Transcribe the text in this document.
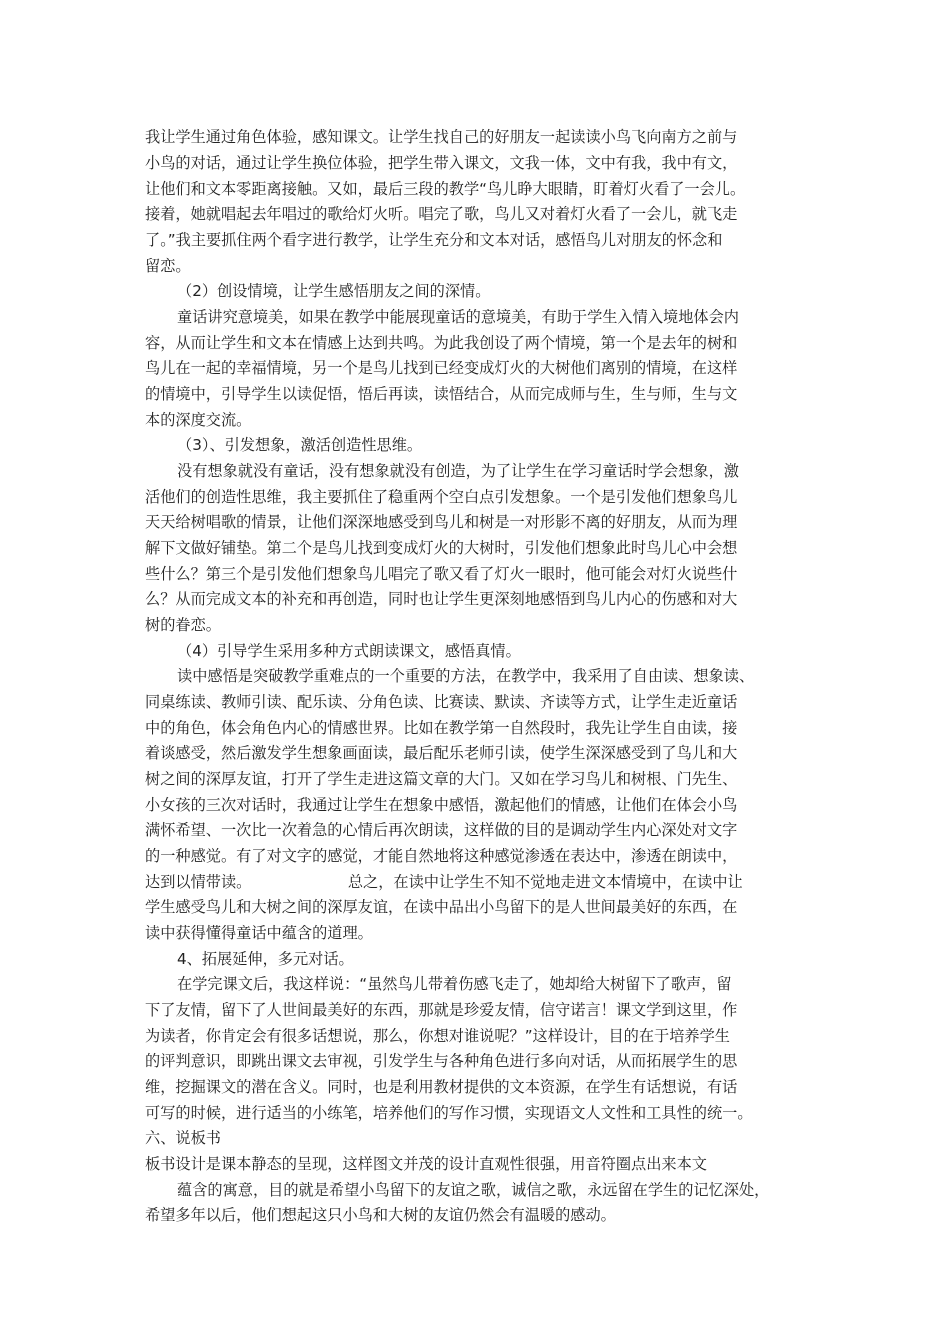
我让学生通过角色体验，感知课文。让学生找自己的好朋友一起读读小鸟飞向南方之前与
小鸟的对话，通过让学生换位体验，把学生带入课文，文我一体，文中有我，我中有文，
让他们和文本零距离接触。又如，最后三段的教学“鸟儿睁大眼睛，盯着灯火看了一会儿。
接着，她就唱起去年唱过的歌给灯火听。唱完了歌，鸟儿又对着灯火看了一会儿，就飞走
了。”我主要抓住两个看字进行教学，让学生充分和文本对话，感悟鸟儿对朋友的怀念和
留恋。
（2）创设情境，让学生感悟朋友之间的深情。
童话讲究意境美，如果在教学中能展现童话的意境美，有助于学生入情入境地体会内
容，从而让学生和文本在情感上达到共鸣。为此我创设了两个情境，第一个是去年的树和
鸟儿在一起的幸福情境，另一个是鸟儿找到已经变成灯火的大树他们离别的情境，在这样
的情境中，引导学生以读促悟，悟后再读，读悟结合，从而完成师与生，生与师，生与文
本的深度交流。
（3）、引发想象，激活创造性思维。
没有想象就没有童话，没有想象就没有创造，为了让学生在学习童话时学会想象，激
活他们的创造性思维，我主要抓住了稳重两个空白点引发想象。一个是引发他们想象鸟儿
天天给树唱歌的情景，让他们深深地感受到鸟儿和树是一对形影不离的好朋友，从而为理
解下文做好铺垫。第二个是鸟儿找到变成灯火的大树时，引发他们想象此时鸟儿心中会想
些什么？第三个是引发他们想象鸟儿唱完了歌又看了灯火一眼时，他可能会对灯火说些什
么？从而完成文本的补充和再创造，同时也让学生更深刻地感悟到鸟儿内心的伤感和对大
树的眷恋。
（4）引导学生采用多种方式朗读课文，感悟真情。
读中感悟是突破教学重难点的一个重要的方法，在教学中，我采用了自由读、想象读、
同桌练读、教师引读、配乐读、分角色读、比赛读、默读、齐读等方式，让学生走近童话
中的角色，体会角色内心的情感世界。比如在教学第一自然段时，我先让学生自由读，接
着谈感受，然后激发学生想象画面读，最后配乐老师引读，使学生深深感受到了鸟儿和大
树之间的深厚友谊，打开了学生走进这篇文章的大门。又如在学习鸟儿和树根、门先生、
小女孩的三次对话时，我通过让学生在想象中感悟，激起他们的情感，让他们在体会小鸟
满怀希望、一次比一次着急的心情后再次朗读，这样做的目的是调动学生内心深处对文字
的一种感觉。有了对文字的感觉，才能自然地将这种感觉渗透在表达中，渗透在朗读中，
达到以情带读。                    总之，在读中让学生不知不觉地走进文本情境中，在读中让
学生感受鸟儿和大树之间的深厚友谊，在读中品出小鸟留下的是人世间最美好的东西，在
读中获得懂得童话中蕴含的道理。
4、拓展延伸，多元对话。
在学完课文后，我这样说：“虽然鸟儿带着伤感飞走了，她却给大树留下了歌声，留
下了友情，留下了人世间最美好的东西，那就是珍爱友情，信守诺言！课文学到这里，作
为读者，你肯定会有很多话想说，那么，你想对谁说呢？”这样设计，目的在于培养学生
的评判意识，即跳出课文去审视，引发学生与各种角色进行多向对话，从而拓展学生的思
维，挖掘课文的潜在含义。同时，也是利用教材提供的文本资源，在学生有话想说，有话
可写的时候，进行适当的小练笔，培养他们的写作习惯，实现语文人文性和工具性的统一。
六、说板书
板书设计是课本静态的呈现，这样图文并茂的设计直观性很强，用音符圈点出来本文
蕴含的寓意，目的就是希望小鸟留下的友谊之歌，诚信之歌，永远留在学生的记忆深处，
希望多年以后，他们想起这只小鸟和大树的友谊仍然会有温暖的感动。
